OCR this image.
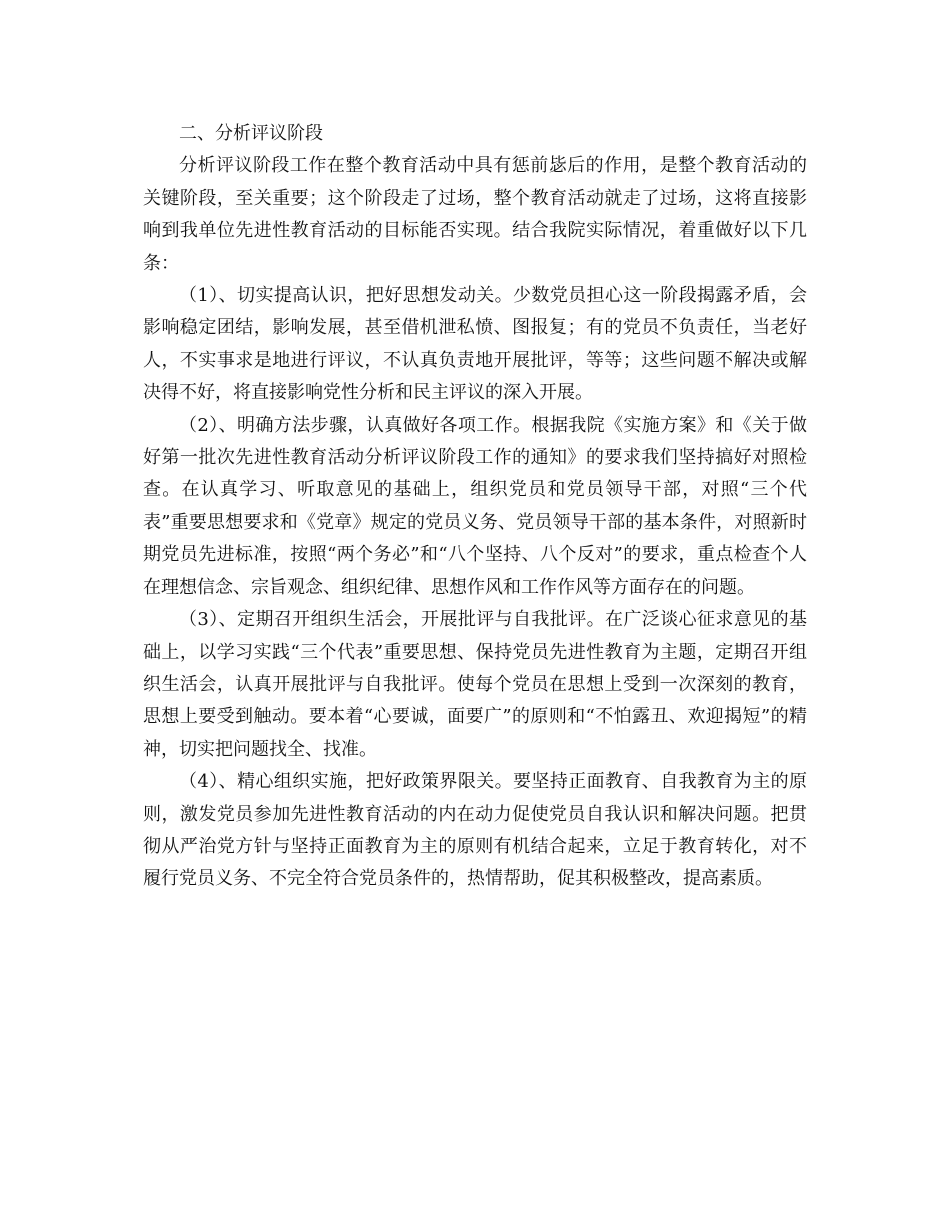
二、分析评议阶段

分析评议阶段工作在整个教育活动中具有惩前毖后的作用，是整个教育活动的关键阶段，至关重要；这个阶段走了过场，整个教育活动就走了过场，这将直接影响到我单位先进性教育活动的目标能否实现。结合我院实际情况，着重做好以下几条：

（1）、切实提高认识，把好思想发动关。少数党员担心这一阶段揭露矛盾，会影响稳定团结，影响发展，甚至借机泄私愤、图报复；有的党员不负责任，当老好人，不实事求是地进行评议，不认真负责地开展批评，等等；这些问题不解决或解决得不好，将直接影响党性分析和民主评议的深入开展。

（2）、明确方法步骤，认真做好各项工作。根据我院《实施方案》和《关于做好第一批次先进性教育活动分析评议阶段工作的通知》的要求我们坚持搞好对照检查。在认真学习、听取意见的基础上，组织党员和党员领导干部，对照“三个代表”重要思想要求和《党章》规定的党员义务、党员领导干部的基本条件，对照新时期党员先进标准，按照“两个务必”和“八个坚持、八个反对”的要求，重点检查个人在理想信念、宗旨观念、组织纪律、思想作风和工作作风等方面存在的问题。

（3）、定期召开组织生活会，开展批评与自我批评。在广泛谈心征求意见的基础上，以学习实践“三个代表”重要思想、保持党员先进性教育为主题，定期召开组织生活会，认真开展批评与自我批评。使每个党员在思想上受到一次深刻的教育，思想上要受到触动。要本着“心要诚，面要广”的原则和“不怕露丑、欢迎揭短”的精神，切实把问题找全、找准。

（4）、精心组织实施，把好政策界限关。要坚持正面教育、自我教育为主的原则，激发党员参加先进性教育活动的内在动力促使党员自我认识和解决问题。把贯彻从严治党方针与坚持正面教育为主的原则有机结合起来，立足于教育转化，对不履行党员义务、不完全符合党员条件的，热情帮助，促其积极整改，提高素质。
